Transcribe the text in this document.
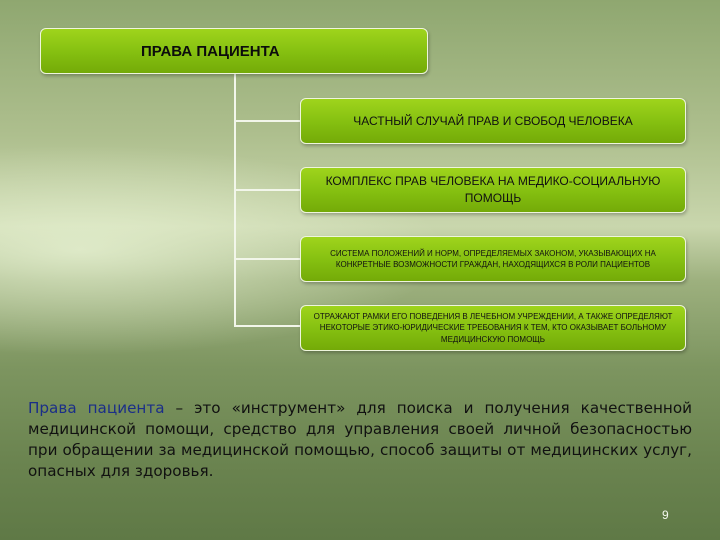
ПРАВА ПАЦИЕНТА
ЧАСТНЫЙ СЛУЧАЙ ПРАВ И СВОБОД ЧЕЛОВЕКА
КОМПЛЕКС ПРАВ ЧЕЛОВЕКА НА МЕДИКО-СОЦИАЛЬНУЮ ПОМОЩЬ
СИСТЕМА ПОЛОЖЕНИЙ И НОРМ, ОПРЕДЕЛЯЕМЫХ ЗАКОНОМ, УКАЗЫВАЮЩИХ НА КОНКРЕТНЫЕ ВОЗМОЖНОСТИ ГРАЖДАН, НАХОДЯЩИХСЯ В РОЛИ ПАЦИЕНТОВ
ОТРАЖАЮТ РАМКИ ЕГО ПОВЕДЕНИЯ В ЛЕЧЕБНОМ УЧРЕЖДЕНИИ, А ТАКЖЕ ОПРЕДЕЛЯЮТ НЕКОТОРЫЕ ЭТИКО-ЮРИДИЧЕСКИЕ ТРЕБОВАНИЯ К ТЕМ, КТО ОКАЗЫВАЕТ БОЛЬНОМУ МЕДИЦИНСКУЮ ПОМОЩЬ
Права пациента – это «инструмент» для поиска и получения качественной медицинской помощи, средство для управления своей личной безопасностью при обращении за медицинской помощью, способ защиты от медицинских услуг, опасных для здоровья.
9
